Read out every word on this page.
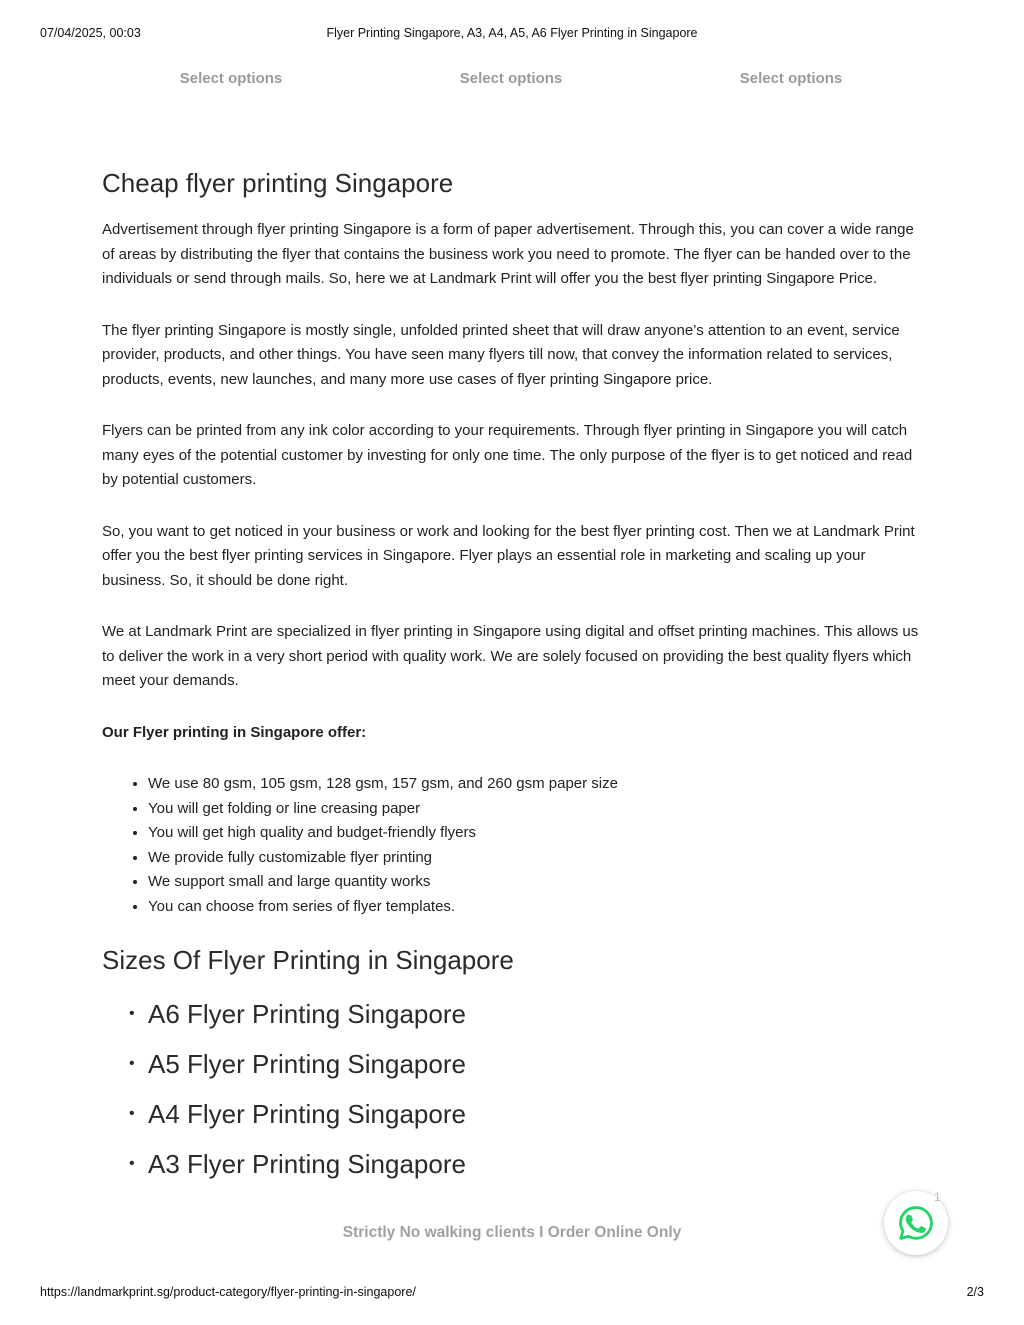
07/04/2025, 00:03	Flyer Printing Singapore, A3, A4, A5, A6 Flyer Printing in Singapore
Select options	Select options	Select options
Cheap flyer printing Singapore

Advertisement through flyer printing Singapore is a form of paper advertisement. Through this, you can cover a wide range of areas by distributing the flyer that contains the business work you need to promote. The flyer can be handed over to the individuals or send through mails. So, here we at Landmark Print will offer you the best flyer printing Singapore Price.

The flyer printing Singapore is mostly single, unfolded printed sheet that will draw anyone’s attention to an event, service provider, products, and other things. You have seen many flyers till now, that convey the information related to services, products, events, new launches, and many more use cases of flyer printing Singapore price.

Flyers can be printed from any ink color according to your requirements. Through flyer printing in Singapore you will catch many eyes of the potential customer by investing for only one time. The only purpose of the flyer is to get noticed and read by potential customers.

So, you want to get noticed in your business or work and looking for the best flyer printing cost. Then we at Landmark Print offer you the best flyer printing services in Singapore. Flyer plays an essential role in marketing and scaling up your business. So, it should be done right.

We at Landmark Print are specialized in flyer printing in Singapore using digital and offset printing machines. This allows us to deliver the work in a very short period with quality work. We are solely focused on providing the best quality flyers which meet your demands.

Our Flyer printing in Singapore offer:

• We use 80 gsm, 105 gsm, 128 gsm, 157 gsm, and 260 gsm paper size
• You will get folding or line creasing paper
• You will get high quality and budget-friendly flyers
• We provide fully customizable flyer printing
• We support small and large quantity works
• You can choose from series of flyer templates.
Sizes Of Flyer Printing in Singapore
• A6 Flyer Printing Singapore
• A5 Flyer Printing Singapore
• A4 Flyer Printing Singapore
• A3 Flyer Printing Singapore
Strictly No walking clients I Order Online Only
1
https://landmarkprint.sg/product-category/flyer-printing-in-singapore/	2/3
